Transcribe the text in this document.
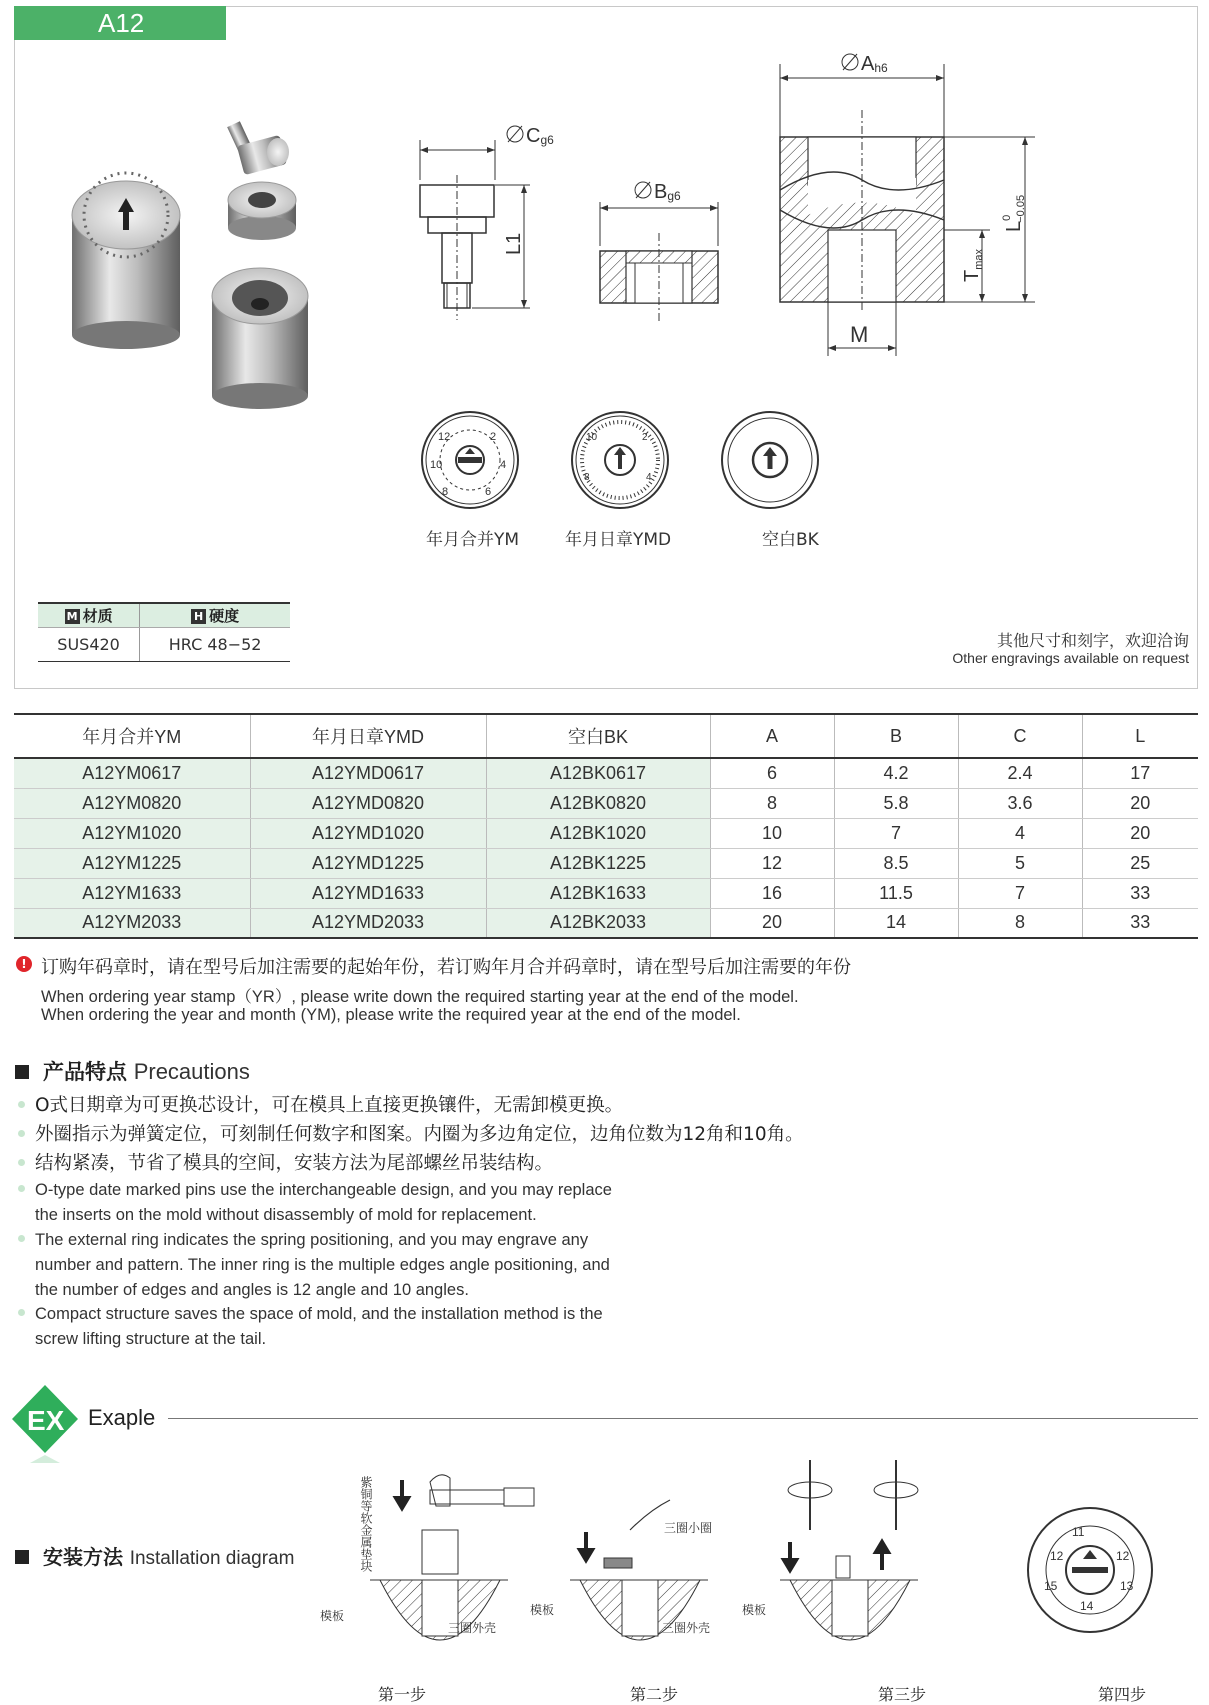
A12
Cg6
L1
Bg6
Ah6
$L^0 -0.05$
$T_{max}$
M
12	2
10	4
8	6
10	2
8	4
年月合并YM	年月日章YMD	空白BK
M 材质	H 硬度
SUS420	HRC 48−52	其他尺寸和刻字，欢迎洽询
Other engravings available on request
年月合并YM	年月日章YMD	空白BK	A	B	C	L
A12YM0617	A12YMD0617	A12BK0617	6	4.2	2.4	17
A12YM0820	A12YMD0820	A12BK0820	8	5.8	3.6	20
A12YM1020	A12YMD1020	A12BK1020	10	7	4	20
A12YM1225	A12YMD1225	A12BK1225	12	8.5	5	25
A12YM1633	A12YMD1633	A12BK1633	16	11.5	7	33
A12YM2033	A12YMD2033	A12BK2033	20	14	8	33
! 订购年码章时，请在型号后加注需要的起始年份，若订购年月合并码章时，请在型号后加注需要的年份
When ordering year stamp（YR）, please write down the required starting year at the end of the model.
When ordering the year and month (YM), please write the required year at the end of the model.
产品特点 Precautions
O式日期章为可更换芯设计，可在模具上直接更换镶件，无需卸模更换。
外圈指示为弹簧定位，可刻制任何数字和图案。内圈为多边角定位，边角位数为12角和10角。
结构紧凑，节省了模具的空间，安装方法为尾部螺丝吊装结构。
O-type date marked pins use the interchangeable design, and you may replace
the inserts on the mold without disassembly of mold for replacement.
The external ring indicates the spring positioning, and you may engrave any
number and pattern. The inner ring is the multiple edges angle positioning, and
the number of edges and angles is 12 angle and 10 angles.
Compact structure saves the space of mold, and the installation method is the
screw lifting structure at the tail.
EX Exaple
安装方法 Installation diagram	紫铜等软金属垫块
模板
三圈外壳
三圈小圈
模板
三圈外壳
模板
11
12	12
14
15	13
第一步	第二步	第三步	第四步
